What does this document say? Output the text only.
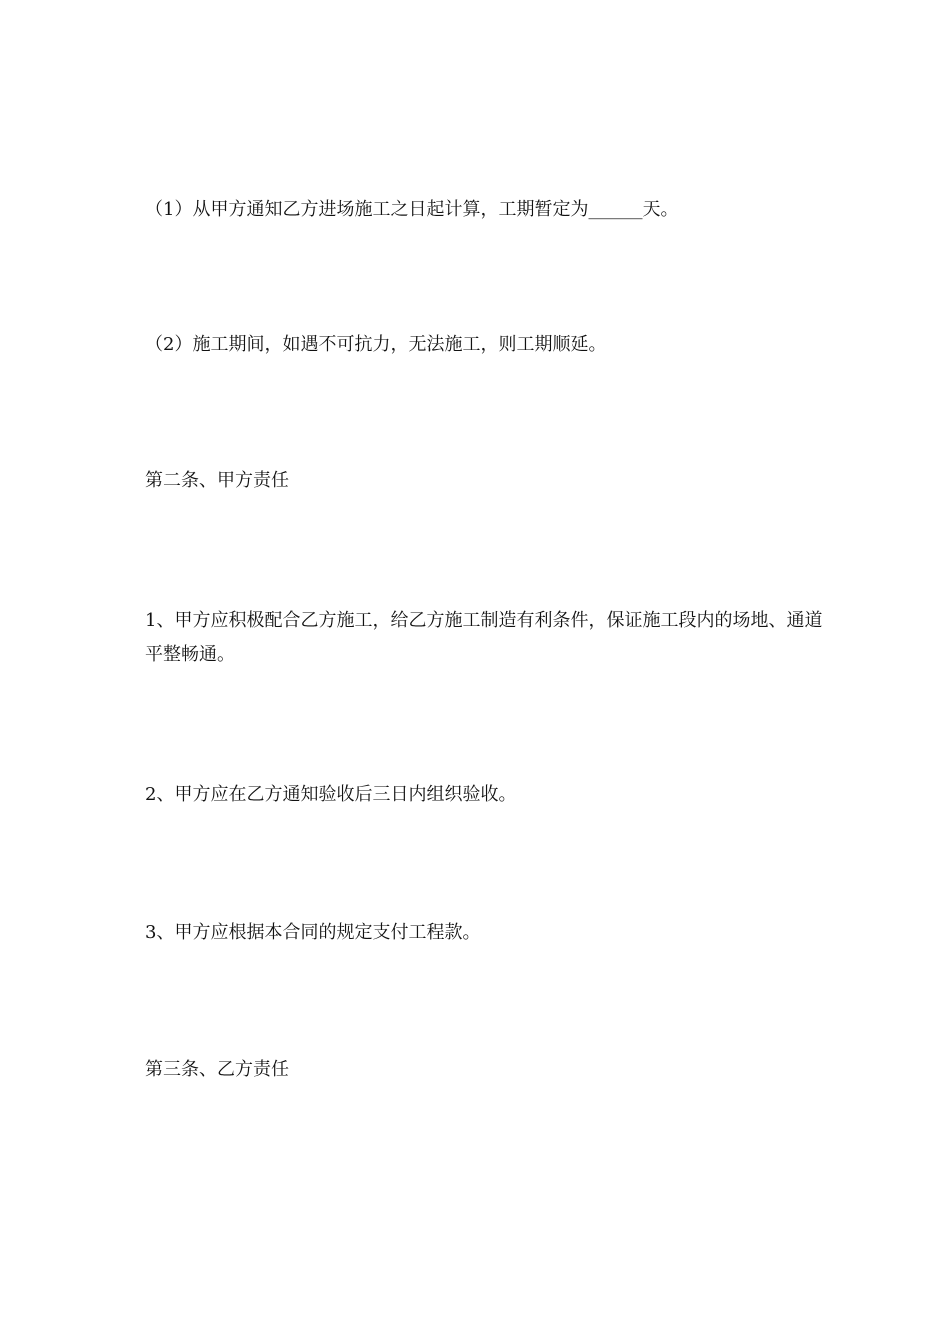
（1）从甲方通知乙方进场施工之日起计算，工期暂定为______天。
（2）施工期间，如遇不可抗力，无法施工，则工期顺延。
第二条、甲方责任
1、甲方应积极配合乙方施工，给乙方施工制造有利条件，保证施工段内的场地、通道平整畅通。
2、甲方应在乙方通知验收后三日内组织验收。
3、甲方应根据本合同的规定支付工程款。
第三条、乙方责任
